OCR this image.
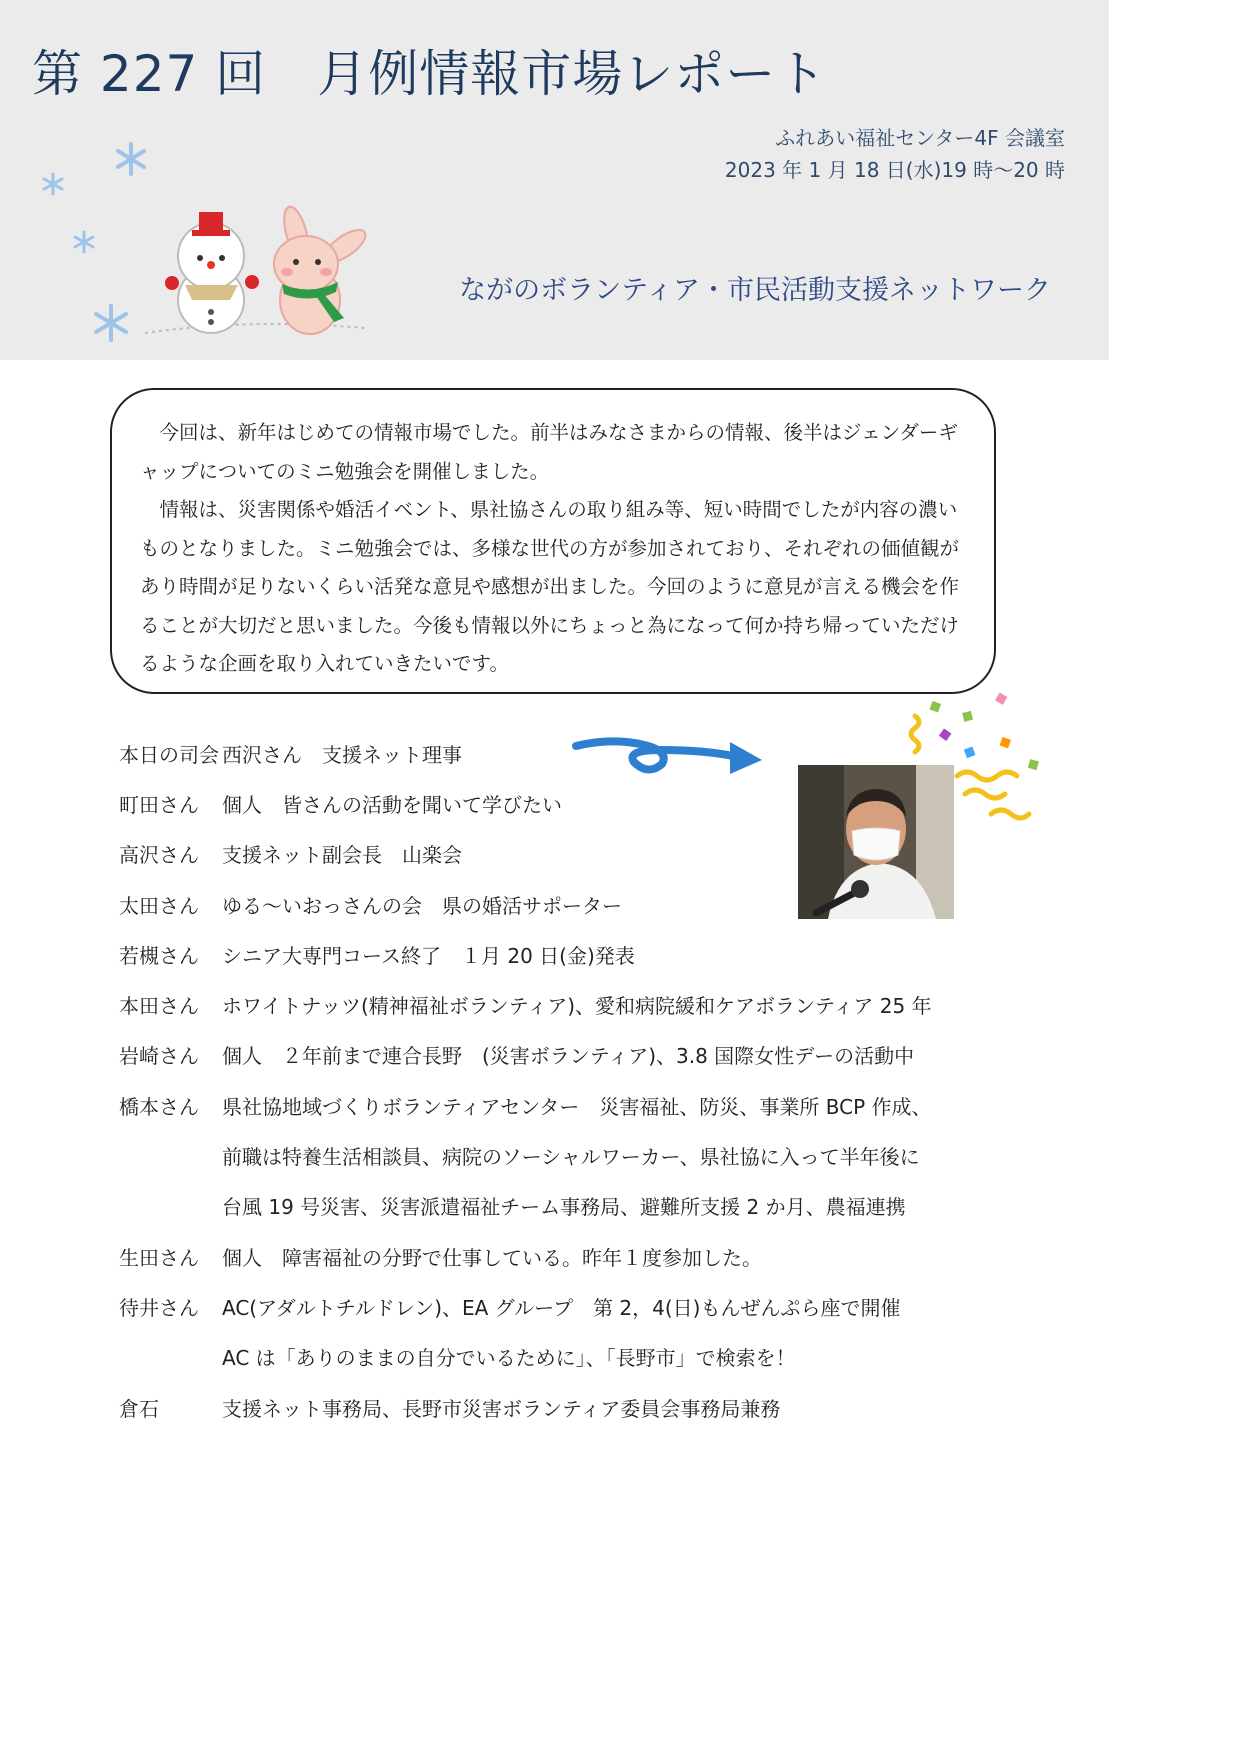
第 227 回　月例情報市場レポート
ふれあい福祉センター4F 会議室
2023 年 1 月 18 日(水)19 時～20 時
ながのボランティア・市民活動支援ネットワーク

今回は、新年はじめての情報市場でした。前半はみなさまからの情報、後半はジェンダーギャップについてのミニ勉強会を開催しました。

情報は、災害関係や婚活イベント、県社協さんの取り組み等、短い時間でしたが内容の濃いものとなりました。ミニ勉強会では、多様な世代の方が参加されており、それぞれの価値観があり時間が足りないくらい活発な意見や感想が出ました。今回のように意見が言える機会を作ることが大切だと思いました。今後も情報以外にちょっと為になって何か持ち帰っていただけるような企画を取り入れていきたいです。

本日の司会 西沢さん　支援ネット理事
町田さん	個人　皆さんの活動を聞いて学びたい
高沢さん	支援ネット副会長　山楽会
太田さん	ゆる～いおっさんの会　県の婚活サポーター
若槻さん	シニア大専門コース終了　１月 20 日(金)発表
本田さん	ホワイトナッツ(精神福祉ボランティア)、愛和病院緩和ケアボランティア 25 年
岩崎さん	個人　２年前まで連合長野　(災害ボランティア)、3.8 国際女性デーの活動中
橋本さん	県社協地域づくりボランティアセンター　災害福祉、防災、事業所 BCP 作成、
前職は特養生活相談員、病院のソーシャルワーカー、県社協に入って半年後に
台風 19 号災害、災害派遣福祉チーム事務局、避難所支援 2 か月、農福連携
生田さん	個人　障害福祉の分野で仕事している。昨年１度参加した。
待井さん	AC(アダルトチルドレン)、EA グループ　第 2，4(日)もんぜんぷら座で開催
AC は「ありのままの自分でいるために」、「長野市」で検索を！
倉石	支援ネット事務局、長野市災害ボランティア委員会事務局兼務
